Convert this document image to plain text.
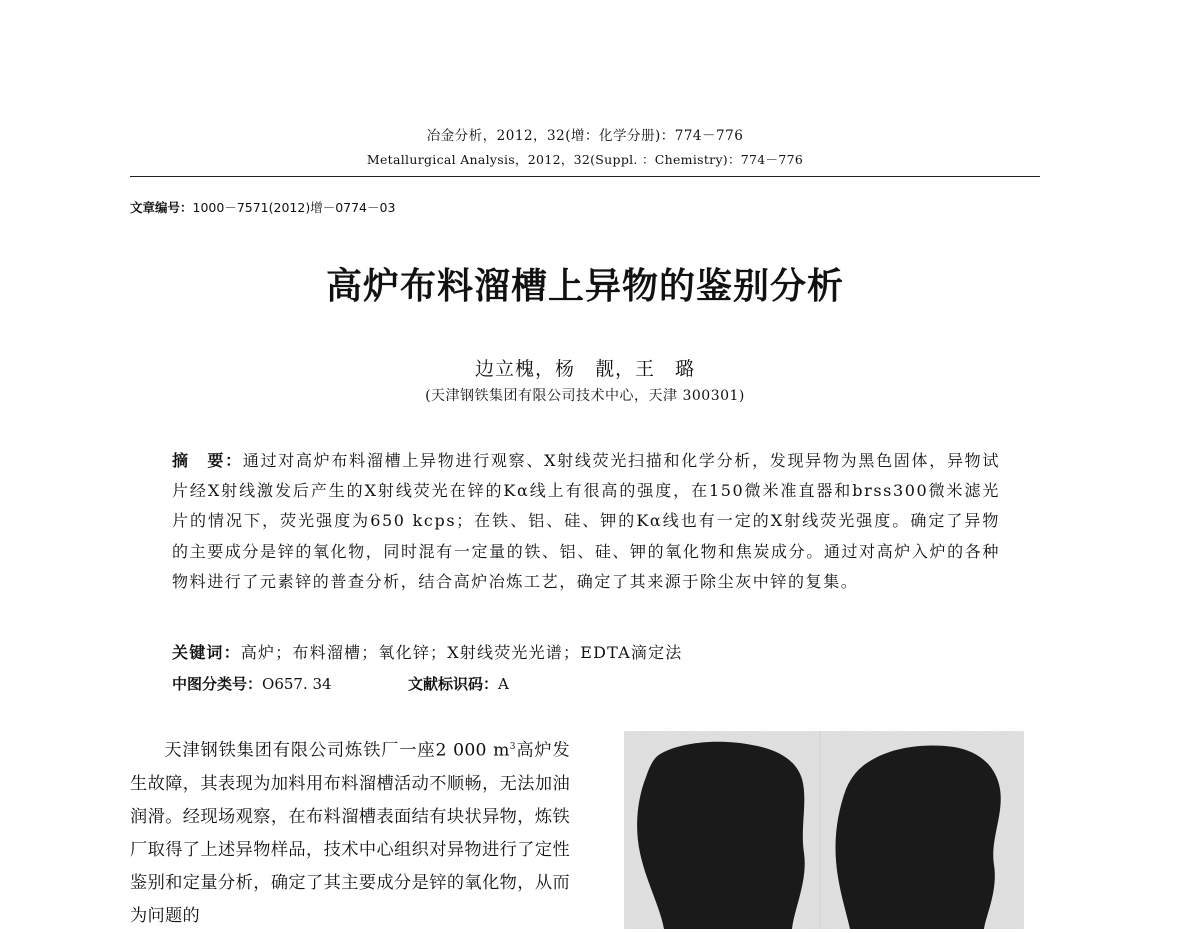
冶金分析，2012，32(增：化学分册)：774－776
Metallurgical Analysis，2012，32(Suppl. ：Chemistry)：774－776
文章编号：1000－7571(2012)增－0774－03
高炉布料溜槽上异物的鉴别分析
边立槐，杨　靓，王　璐
(天津钢铁集团有限公司技术中心，天津 300301)
摘　要：通过对高炉布料溜槽上异物进行观察、X射线荧光扫描和化学分析，发现异物为黑色固体，异物试片经X射线激发后产生的X射线荧光在锌的Kα线上有很高的强度，在150微米准直器和brss300微米滤光片的情况下，荧光强度为650 kcps；在铁、铝、硅、钾的Kα线也有一定的X射线荧光强度。确定了异物的主要成分是锌的氧化物，同时混有一定量的铁、铝、硅、钾的氧化物和焦炭成分。通过对高炉入炉的各种物料进行了元素锌的普查分析，结合高炉冶炼工艺，确定了其来源于除尘灰中锌的复集。
关键词：高炉；布料溜槽；氧化锌；X射线荧光光谱；EDTA滴定法
中图分类号：O657. 34	文献标识码：A
天津钢铁集团有限公司炼铁厂一座2 000 $m^3$高炉发生故障，其表现为加料用布料溜槽活动不顺畅，无法加油润滑。经现场观察，在布料溜槽表面结有块状异物，炼铁厂取得了上述异物样品，技术中心组织对异物进行了定性鉴别和定量分析，确定了其主要成分是锌的氧化物，从而为问题的
